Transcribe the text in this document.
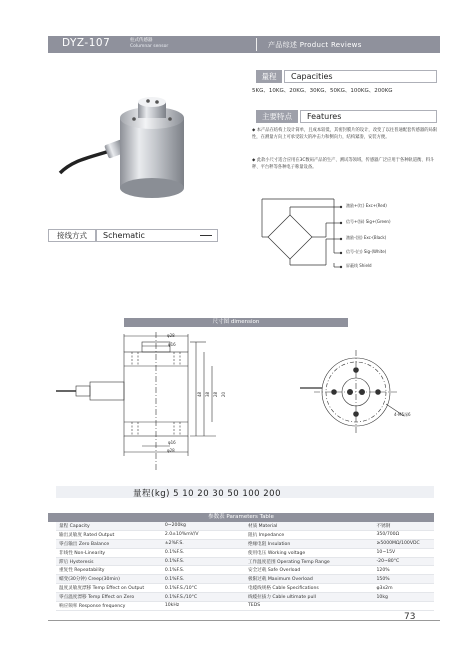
DYZ-107	柱式传感器
Columnar sensor	产品综述 Product Reviews
量程	Capacities
5KG、10KG、20KG、30KG、50KG、100KG、200KG
主要特点	Features
◆ 本产品在结构上设计简单，且成本较低，其密封膜片的设计，改变了以往普通配套传感器的局限性，在测量方向上可承受较大的冲击力和侧向力，结构紧凑，安装方便。
◆ 此款小尺寸适合应用在3C数码产品的生产、测试等领域，传感器广泛应用于各种轨道衡、料斗秤、平台秤等各种电子称量设备。
激励+(红) Exc+(Red)
信号+(绿) Sig+(Green)
激励-(黑) Exc-(Black)
信号-(白) Sig-(White)
屏蔽线 Shield
接线方式	Schematic
尺寸图 dimension
φ28
φ16
φ16
φ28
48 38 28 20
4-M5深6
量程(kg) 5 10 20 30 50 100 200
参数表 Parameters Table
量程 Capacity	0~200kg	材质 Material	不锈钢
输出灵敏度 Rated Output	2.0±10%mV/V	阻抗 Impedance	350/700Ω
零点输出 Zero Balance	±2%F.S.	绝缘电阻 Insulation	≥5000MΩ/100VDC
非线性 Non-Linearity	0.1%F.S.	使用电压 Working voltage	10~15V
滞后 Hysteresis	0.1%F.S.	工作温度范围 Operating Temp Range	-20~80°C
重复性 Repeatability	0.1%F.S.	安全过载 Safe Overload	120%
蠕变(30分钟) Creep(30min)	0.1%F.S.	极限过载 Maximum Overload	150%
温度灵敏度漂移 Temp Effect on Output	0.1%F.S./10°C	电缆线规格 Cable Specifications	φ3x2m
零点温度漂移 Temp Effect on Zero	0.1%F.S./10°C	线缆拉拔力 Cable ultimate pull	10kg
响应频率 Response frequency	10kHz	TEDS	
73
